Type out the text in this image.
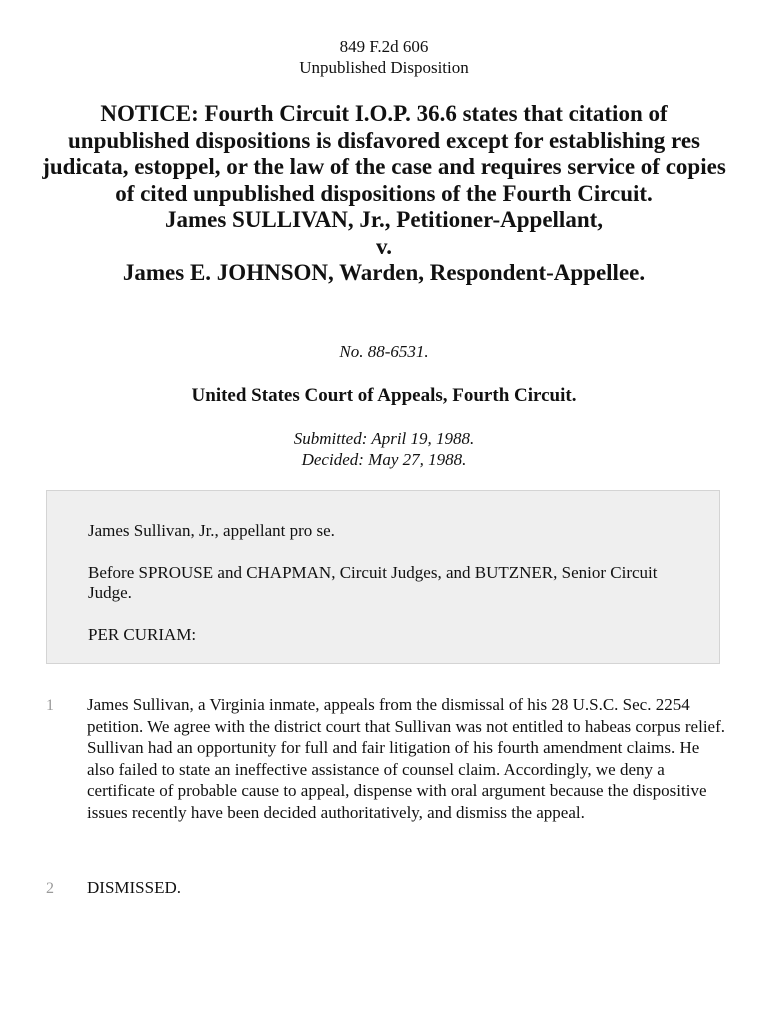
849 F.2d 606
Unpublished Disposition
NOTICE: Fourth Circuit I.O.P. 36.6 states that citation of unpublished dispositions is disfavored except for establishing res judicata, estoppel, or the law of the case and requires service of copies of cited unpublished dispositions of the Fourth Circuit.
James SULLIVAN, Jr., Petitioner-Appellant,
v.
James E. JOHNSON, Warden, Respondent-Appellee.
No. 88-6531.
United States Court of Appeals, Fourth Circuit.
Submitted: April 19, 1988.
Decided: May 27, 1988.

James Sullivan, Jr., appellant pro se.

Before SPROUSE and CHAPMAN, Circuit Judges, and BUTZNER, Senior Circuit Judge.

PER CURIAM:

1 James Sullivan, a Virginia inmate, appeals from the dismissal of his 28 U.S.C. Sec. 2254 petition. We agree with the district court that Sullivan was not entitled to habeas corpus relief. Sullivan had an opportunity for full and fair litigation of his fourth amendment claims. He also failed to state an ineffective assistance of counsel claim. Accordingly, we deny a certificate of probable cause to appeal, dispense with oral argument because the dispositive issues recently have been decided authoritatively, and dismiss the appeal.

2 DISMISSED.
